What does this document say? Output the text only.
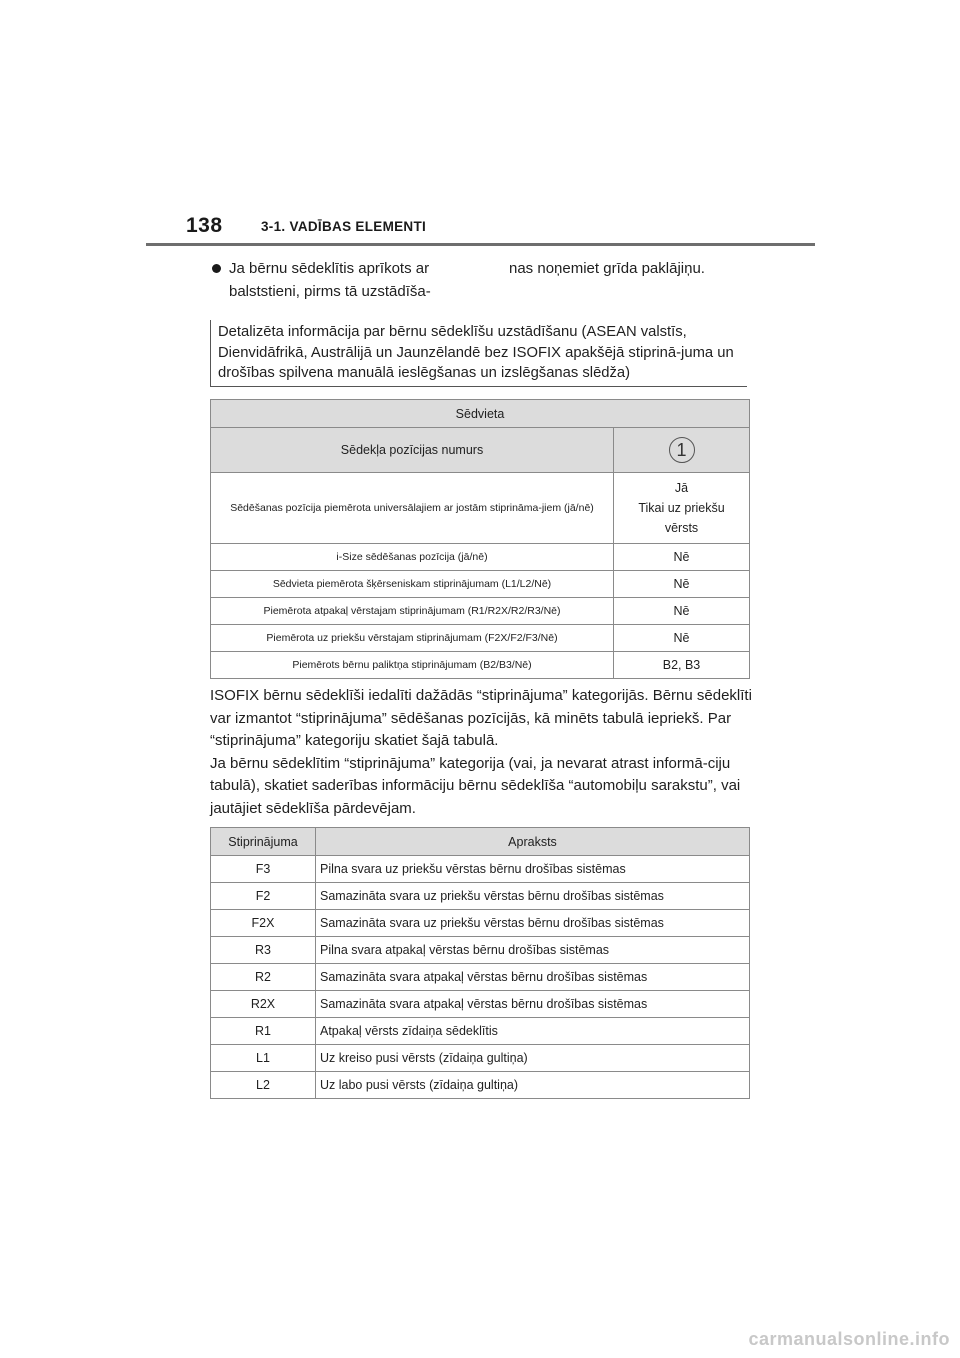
138	3-1. VADĪBAS ELEMENTI
Ja bērnu sēdeklītis aprīkots ar balststieni, pirms tā uzstādīša-
nas noņemiet grīda paklājiņu.
Detalizēta informācija par bērnu sēdeklīšu uzstādīšanu (ASEAN valstīs, Dienvidāfrikā, Austrālijā un Jaunzēlandē bez ISOFIX apakšējā stiprinā-juma un drošības spilvena manuālā ieslēgšanas un izslēgšanas slēdža)
Sēdvieta	
Sēdekļa pozīcijas numurs	1
Sēdēšanas pozīcija piemērota universālajiem ar jostām stiprināma-jiem (jā/nē)	Jā
Tikai uz priekšu
vērsts

i-Size sēdēšanas pozīcija (jā/nē)	Nē
Sēdvieta piemērota šķērseniskam stiprinājumam (L1/L2/Nē)	Nē
Piemērota atpakaļ vērstajam stiprinājumam (R1/R2X/R2/R3/Nē)	Nē
Piemērota uz priekšu vērstajam stiprinājumam (F2X/F2/F3/Nē)	Nē
Piemērots bērnu paliktņa stiprinājumam (B2/B3/Nē)	B2, B3

ISOFIX bērnu sēdeklīši iedalīti dažādās “stiprinājuma” kategorijās. Bērnu sēdeklīti var izmantot “stiprinājuma” sēdēšanas pozīcijās, kā minēts tabulā iepriekš. Par “stiprinājuma” kategoriju skatiet šajā tabulā.

Ja bērnu sēdeklītim “stiprinājuma” kategorija (vai, ja nevarat atrast informā-ciju tabulā), skatiet saderības informāciju bērnu sēdeklīša “automobiļu sarakstu”, vai jautājiet sēdeklīša pārdevējam.

Stiprinājuma	Apraksts
F3	Pilna svara uz priekšu vērstas bērnu drošības sistēmas
F2	Samazināta svara uz priekšu vērstas bērnu drošības sistēmas
F2X	Samazināta svara uz priekšu vērstas bērnu drošības sistēmas
R3	Pilna svara atpakaļ vērstas bērnu drošības sistēmas
R2	Samazināta svara atpakaļ vērstas bērnu drošības sistēmas
R2X	Samazināta svara atpakaļ vērstas bērnu drošības sistēmas
R1	Atpakaļ vērsts zīdaiņa sēdeklītis
L1	Uz kreiso pusi vērsts (zīdaiņa gultiņa)
L2	Uz labo pusi vērsts (zīdaiņa gultiņa)
carmanualsonline.info
